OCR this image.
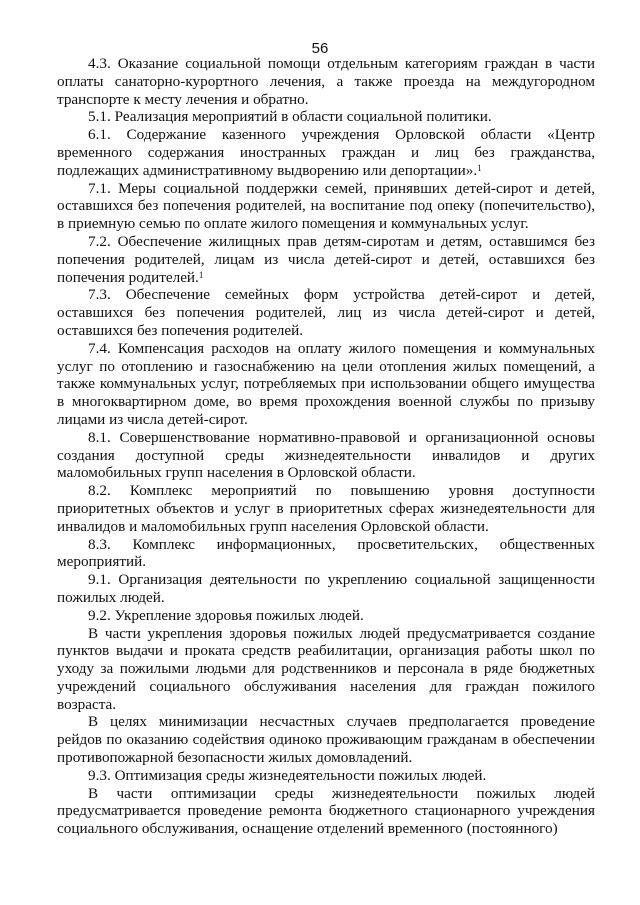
56

4.3. Оказание социальной помощи отдельным категориям граждан в части оплаты санаторно-курортного лечения, а также проезда на междугородном транспорте к месту лечения и обратно.

5.1. Реализация мероприятий в области социальной политики.

6.1. Содержание казенного учреждения Орловской области «Центр временного содержания иностранных граждан и лиц без гражданства, подлежащих административному выдворению или депортации».$^1$

7.1. Меры социальной поддержки семей, принявших детей-сирот и детей, оставшихся без попечения родителей, на воспитание под опеку (попечительство), в приемную семью по оплате жилого помещения и коммунальных услуг.

7.2. Обеспечение жилищных прав детям-сиротам и детям, оставшимся без попечения родителей, лицам из числа детей-сирот и детей, оставшихся без попечения родителей.$^1$

7.3. Обеспечение семейных форм устройства детей-сирот и детей, оставшихся без попечения родителей, лиц из числа детей-сирот и детей, оставшихся без попечения родителей.

7.4. Компенсация расходов на оплату жилого помещения и коммунальных услуг по отоплению и газоснабжению на цели отопления жилых помещений, а также коммунальных услуг, потребляемых при использовании общего имущества в многоквартирном доме, во время прохождения военной службы по призыву лицами из числа детей-сирот.

8.1. Совершенствование нормативно-правовой и организационной основы создания доступной среды жизнедеятельности инвалидов и других маломобильных групп населения в Орловской области.

8.2. Комплекс мероприятий по повышению уровня доступности приоритетных объектов и услуг в приоритетных сферах жизнедеятельности для инвалидов и маломобильных групп населения Орловской области.

8.3. Комплекс информационных, просветительских, общественных мероприятий.

9.1. Организация деятельности по укреплению социальной защищенности пожилых людей.

9.2. Укрепление здоровья пожилых людей.

В части укрепления здоровья пожилых людей предусматривается создание пунктов выдачи и проката средств реабилитации, организация работы школ по уходу за пожилыми людьми для родственников и персонала в ряде бюджетных учреждений социального обслуживания населения для граждан пожилого возраста.

В целях минимизации несчастных случаев предполагается проведение рейдов по оказанию содействия одиноко проживающим гражданам в обеспечении противопожарной безопасности жилых домовладений.

9.3. Оптимизация среды жизнедеятельности пожилых людей.

В части оптимизации среды жизнедеятельности пожилых людей предусматривается проведение ремонта бюджетного стационарного учреждения социального обслуживания, оснащение отделений временного (постоянного)
